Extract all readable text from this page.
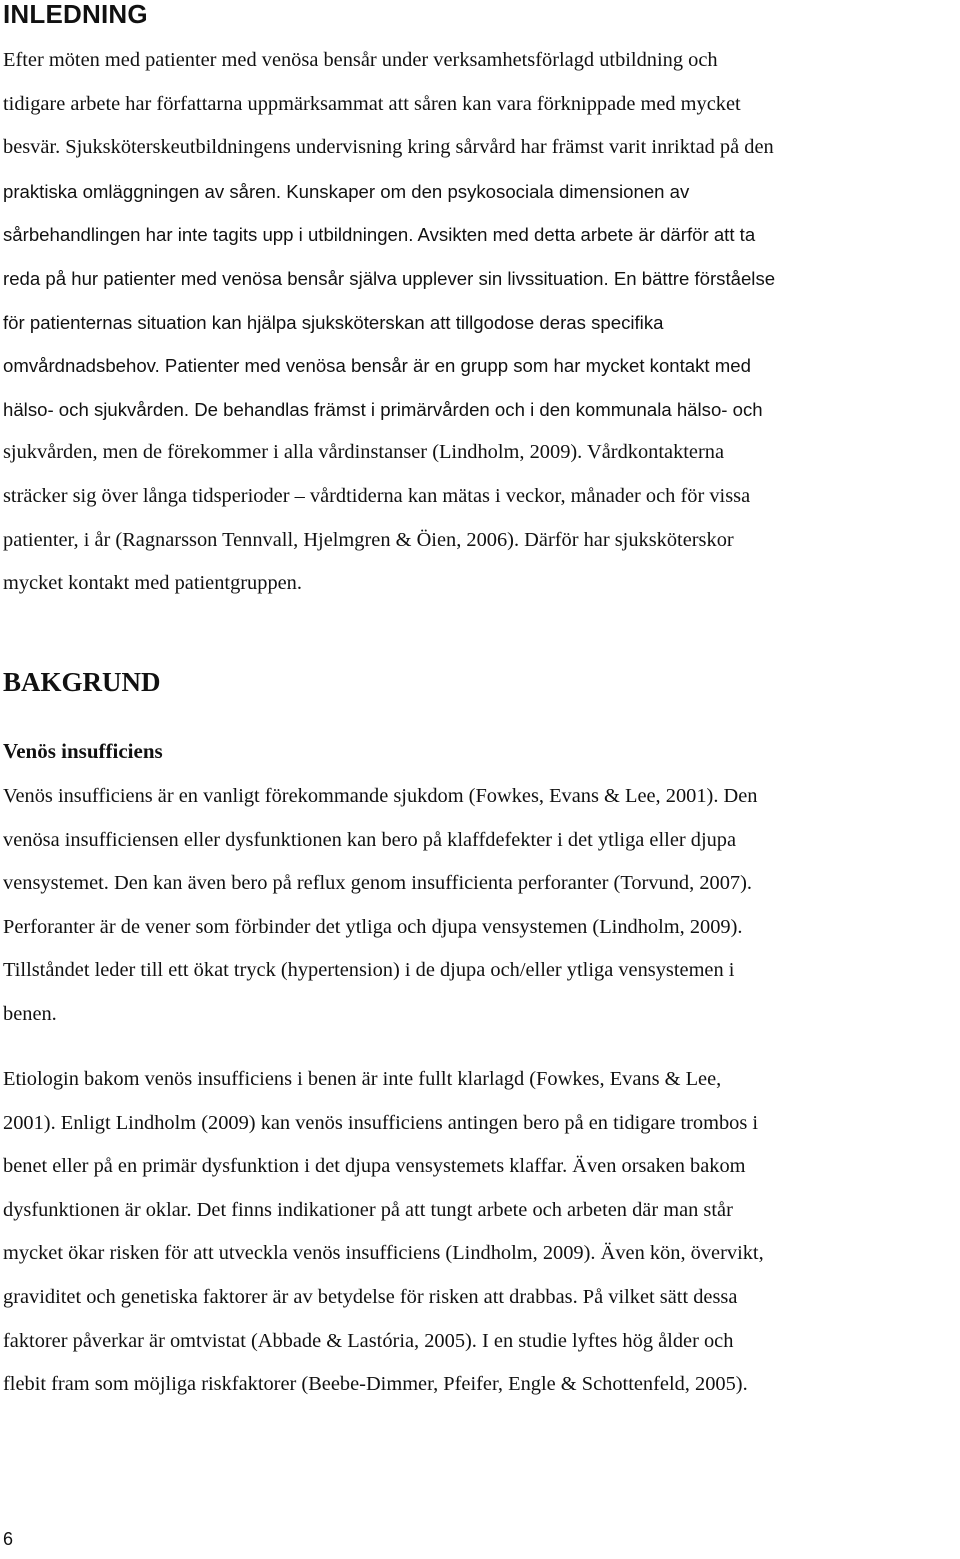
INLEDNING
Efter möten med patienter med venösa bensår under verksamhetsförlagd utbildning och
tidigare arbete har författarna uppmärksammat att såren kan vara förknippade med mycket
besvär. Sjuksköterskeutbildningens undervisning kring sårvård har främst varit inriktad på den
praktiska omläggningen av såren. Kunskaper om den psykosociala dimensionen av
sårbehandlingen har inte tagits upp i utbildningen. Avsikten med detta arbete är därför att ta
reda på hur patienter med venösa bensår själva upplever sin livssituation. En bättre förståelse
för patienternas situation kan hjälpa sjuksköterskan att tillgodose deras specifika
omvårdnadsbehov. Patienter med venösa bensår är en grupp som har mycket kontakt med
hälso- och sjukvården. De behandlas främst i primärvården och i den kommunala hälso- och
sjukvården, men de förekommer i alla vårdinstanser (Lindholm, 2009). Vårdkontakterna
sträcker sig över långa tidsperioder – vårdtiderna kan mätas i veckor, månader och för vissa
patienter, i år (Ragnarsson Tennvall, Hjelmgren & Öien, 2006). Därför har sjuksköterskor
mycket kontakt med patientgruppen.
BAKGRUND
Venös insufficiens
Venös insufficiens är en vanligt förekommande sjukdom (Fowkes, Evans & Lee, 2001). Den
venösa insufficiensen eller dysfunktionen kan bero på klaffdefekter i det ytliga eller djupa
vensystemet. Den kan även bero på reflux genom insufficienta perforanter (Torvund, 2007).
Perforanter är de vener som förbinder det ytliga och djupa vensystemen (Lindholm, 2009).
Tillståndet leder till ett ökat tryck (hypertension) i de djupa och/eller ytliga vensystemen i
benen.
Etiologin bakom venös insufficiens i benen är inte fullt klarlagd (Fowkes, Evans & Lee,
2001). Enligt Lindholm (2009) kan venös insufficiens antingen bero på en tidigare trombos i
benet eller på en primär dysfunktion i det djupa vensystemets klaffar. Även orsaken bakom
dysfunktionen är oklar. Det finns indikationer på att tungt arbete och arbeten där man står
mycket ökar risken för att utveckla venös insufficiens (Lindholm, 2009). Även kön, övervikt,
graviditet och genetiska faktorer är av betydelse för risken att drabbas. På vilket sätt dessa
faktorer påverkar är omtvistat (Abbade & Lastória, 2005). I en studie lyftes hög ålder och
flebit fram som möjliga riskfaktorer (Beebe-Dimmer, Pfeifer, Engle & Schottenfeld, 2005).
6
